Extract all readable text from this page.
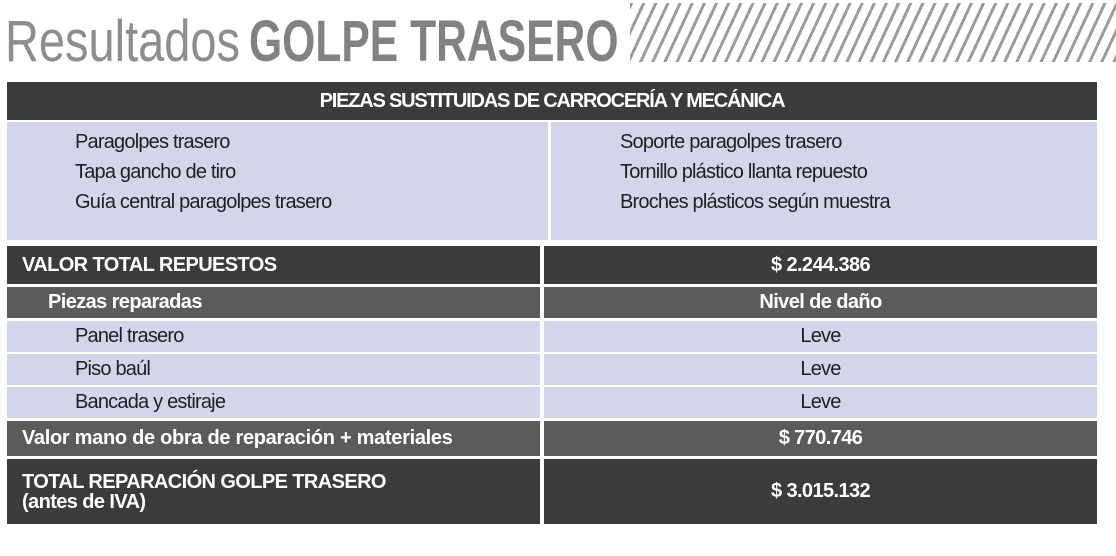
Resultados GOLPE TRASERO
PIEZAS SUSTITUIDAS DE CARROCERÍA Y MECÁNICA
Paragolpes trasero
Tapa gancho de tiro
Guía central paragolpes trasero
Soporte paragolpes trasero
Tornillo plástico llanta repuesto
Broches plásticos según muestra
VALOR TOTAL REPUESTOS	$ 2.244.386
Piezas reparadas	Nivel de daño
Panel trasero	Leve
Piso baúl	Leve
Bancada y estiraje	Leve
Valor mano de obra de reparación + materiales	$ 770.746
TOTAL REPARACIÓN GOLPE TRASERO
(antes de IVA)	$ 3.015.132
